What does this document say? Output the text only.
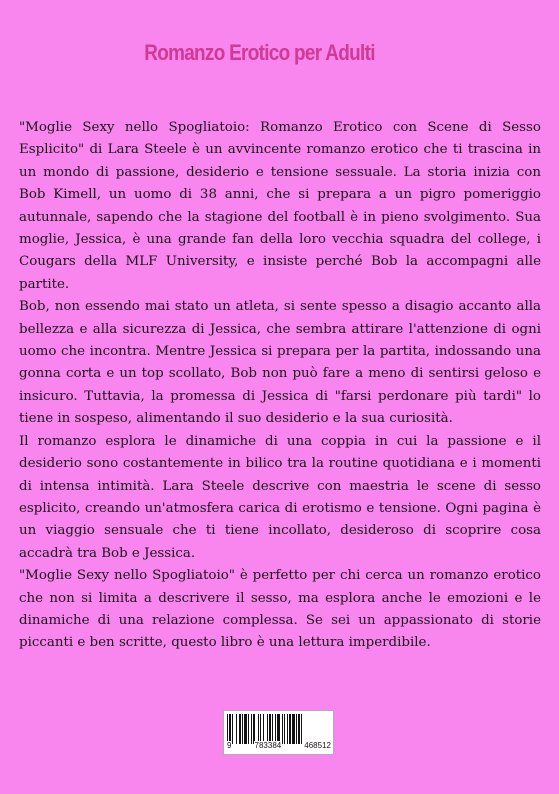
Romanzo Erotico per Adulti

"Moglie Sexy nello Spogliatoio: Romanzo Erotico con Scene di Sesso Esplicito" di Lara Steele è un avvincente romanzo erotico che ti trascina in un mondo di passione, desiderio e tensione sessuale. La storia inizia con Bob Kimell, un uomo di 38 anni, che si prepara a un pigro pomeriggio autunnale, sapendo che la stagione del football è in pieno svolgimento. Sua moglie, Jessica, è una grande fan della loro vecchia squadra del college, i Cougars della MLF University, e insiste perché Bob la accompagni alle partite.

Bob, non essendo mai stato un atleta, si sente spesso a disagio accanto alla bellezza e alla sicurezza di Jessica, che sembra attirare l'attenzione di ogni uomo che incontra. Mentre Jessica si prepara per la partita, indossando una gonna corta e un top scollato, Bob non può fare a meno di sentirsi geloso e insicuro. Tuttavia, la promessa di Jessica di "farsi perdonare più tardi" lo tiene in sospeso, alimentando il suo desiderio e la sua curiosità.

Il romanzo esplora le dinamiche di una coppia in cui la passione e il desiderio sono costantemente in bilico tra la routine quotidiana e i momenti di intensa intimità. Lara Steele descrive con maestria le scene di sesso esplicito, creando un'atmosfera carica di erotismo e tensione. Ogni pagina è un viaggio sensuale che ti tiene incollato, desideroso di scoprire cosa accadrà tra Bob e Jessica.

"Moglie Sexy nello Spogliatoio" è perfetto per chi cerca un romanzo erotico che non si limita a descrivere il sesso, ma esplora anche le emozioni e le dinamiche di una relazione complessa. Se sei un appassionato di storie piccanti e ben scritte, questo libro è una lettura imperdibile.

9	783384	468512
